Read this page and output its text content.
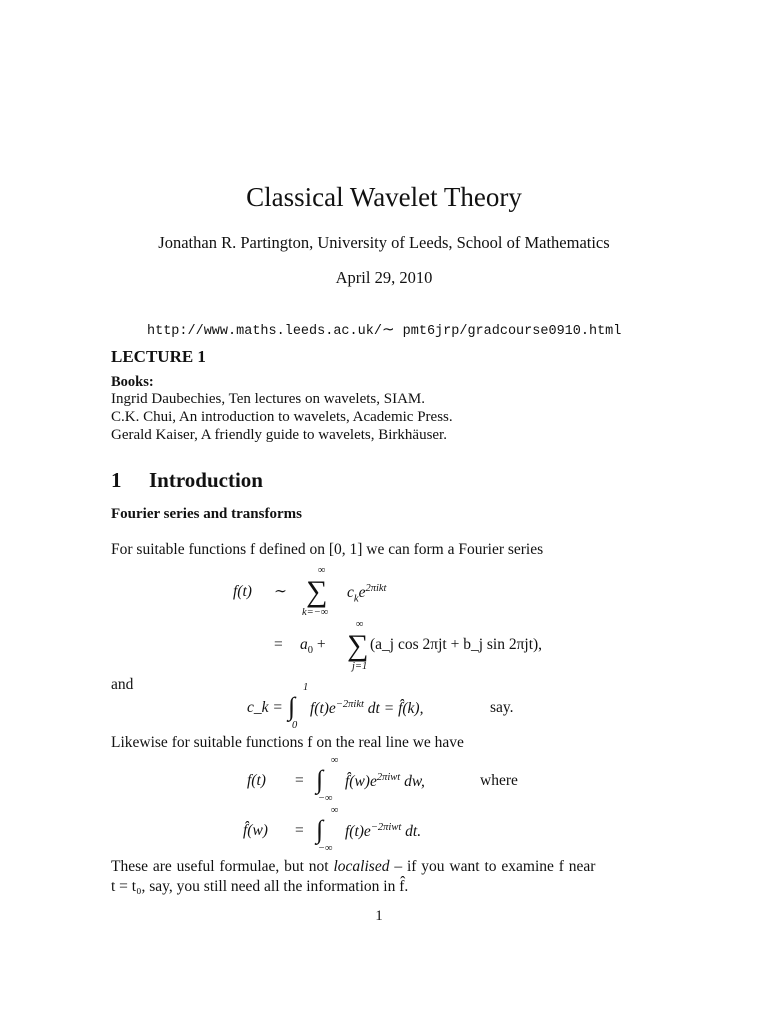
Classical Wavelet Theory
Jonathan R. Partington, University of Leeds, School of Mathematics
April 29, 2010
http://www.maths.leeds.ac.uk/∼ pmt6jrp/gradcourse0910.html
LECTURE 1
Books:
Ingrid Daubechies, Ten lectures on wavelets, SIAM.
C.K. Chui, An introduction to wavelets, Academic Press.
Gerald Kaiser, A friendly guide to wavelets, Birkhäuser.
1 Introduction
Fourier series and transforms
For suitable functions f defined on [0, 1] we can form a Fourier series
f(t) ∼
∞
∑
k=−∞
$c_ke^{2\pi ikt}$
= $a_0$ +
∞
∑
j=1
(a_j cos 2πjt + b_j sin 2πjt),
and
c_k =
1
∫
0
$f(t)e^{-2\pi ikt}$ dt = f̂(k),	say.
Likewise for suitable functions f on the real line we have
f(t) =
∞
∫
−∞
$f̂(w)e^{2\pi iwt}$ dw,	where
f̂(w) =
∞
∫
−∞
$f(t)e^{-2\pi iwt}$ dt.
These are useful formulae, but not localised – if you want to examine f near
t = t₀, say, you still need all the information in f̂.
1
